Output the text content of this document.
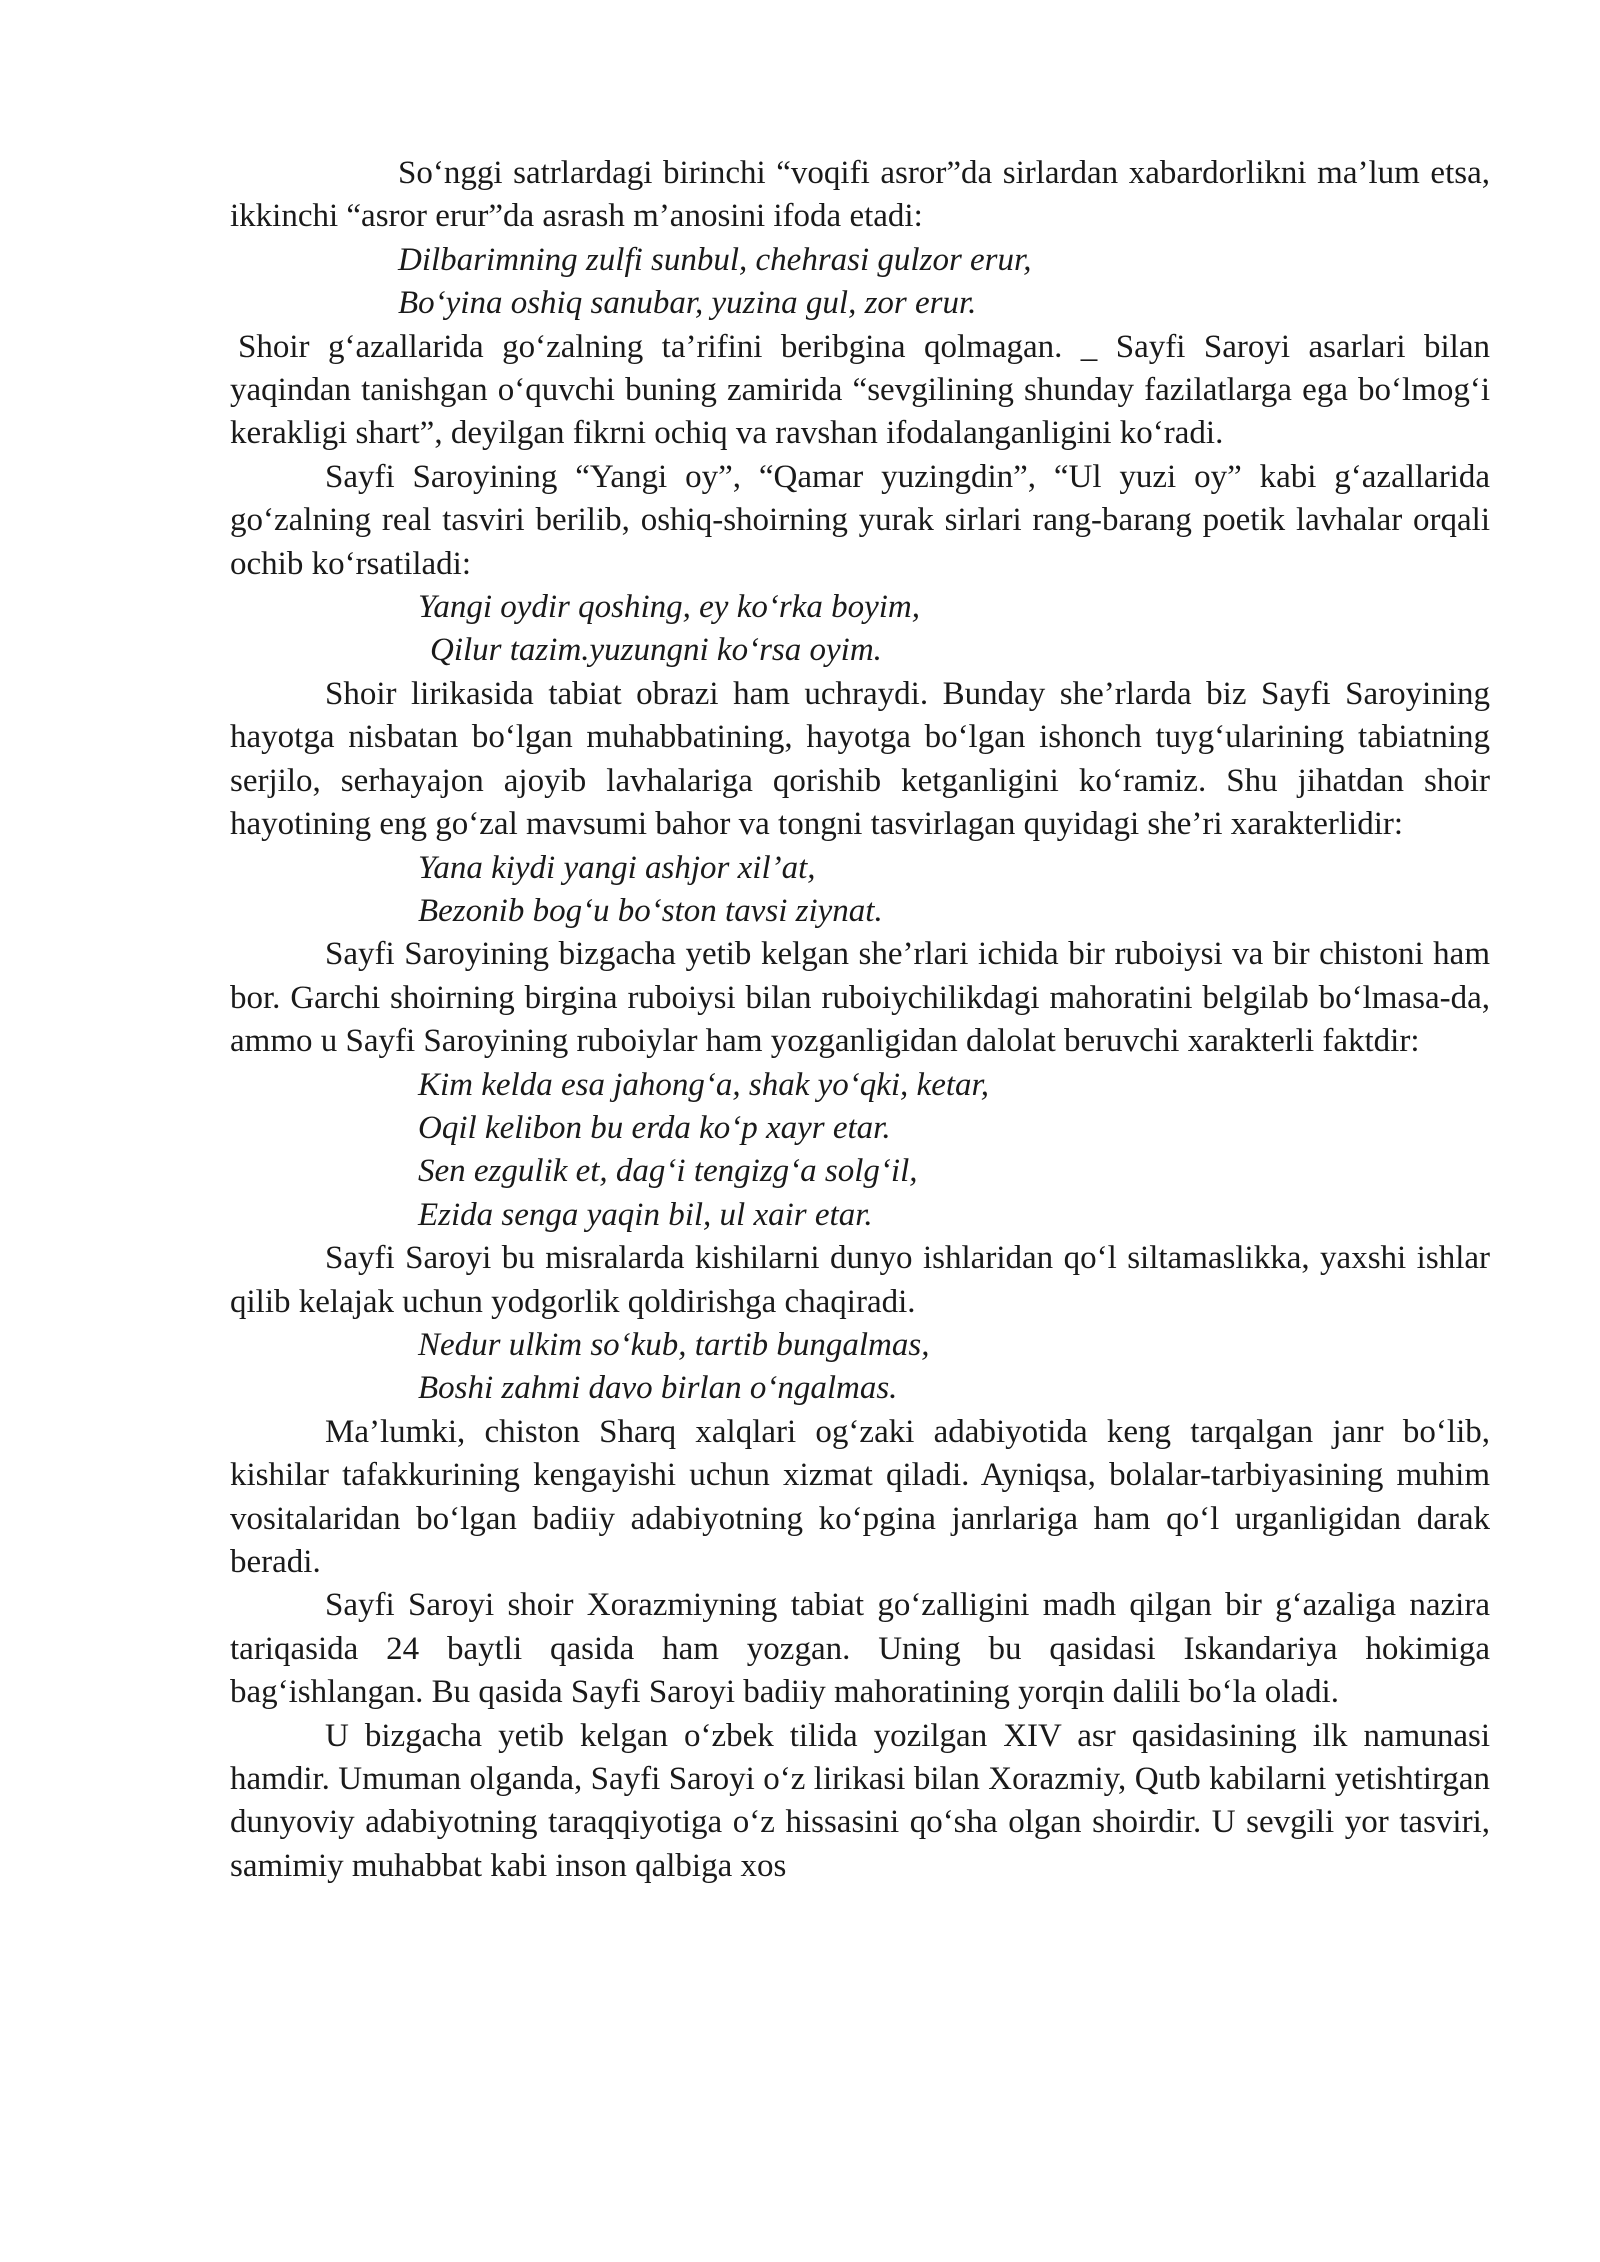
So‘nggi satrlardagi birinchi “voqifi asror”da sirlardan xabardorlikni ma’lum etsa, ikkinchi “asror erur”da asrash m’anosini ifoda etadi:

Dilbarimning zulfi sunbul, chehrasi gulzor erur,

Bo‘yina oshiq sanubar, yuzina gul, zor erur.

Shoir g‘azallarida go‘zalning ta’rifini beribgina qolmagan. _ Sayfi Saroyi asarlari bilan yaqindan tanishgan o‘quvchi buning zamirida “sevgilining shunday fazilatlarga ega bo‘lmog‘i kerakligi shart”, deyilgan fikrni ochiq va ravshan ifodalanganligini ko‘radi.

Sayfi Saroyining “Yangi oy”, “Qamar yuzingdin”, “Ul yuzi oy” kabi g‘azallarida go‘zalning real tasviri berilib, oshiq-shoirning yurak sirlari rang-barang poetik lavhalar orqali ochib ko‘rsatiladi:

Yangi oydir qoshing, ey ko‘rka boyim,

Qilur tazim.yuzungni ko‘rsa oyim.

Shoir lirikasida tabiat obrazi ham uchraydi. Bunday she’rlarda biz Sayfi Saroyining hayotga nisbatan bo‘lgan muhabbatining, hayotga bo‘lgan ishonch tuyg‘ularining tabiatning serjilo, serhayajon ajoyib lavhalariga qorishib ketganligini ko‘ramiz. Shu jihatdan shoir hayotining eng go‘zal mavsumi bahor va tongni tasvirlagan quyidagi she’ri xarakterlidir:

Yana kiydi yangi ashjor xil’at,

Bezonib bog‘u bo‘ston tavsi ziynat.

Sayfi Saroyining bizgacha yetib kelgan she’rlari ichida bir ruboiysi va bir chistoni ham bor. Garchi shoirning birgina ruboiysi bilan ruboiychilikdagi mahoratini belgilab bo‘lmasa-da, ammo u Sayfi Saroyining ruboiylar ham yozganligidan dalolat beruvchi xarakterli faktdir:

Kim kelda esa jahong‘a, shak yo‘qki, ketar,

Oqil kelibon bu erda ko‘p xayr etar.

Sen ezgulik et, dag‘i tengizg‘a solg‘il,

Ezida senga yaqin bil, ul xair etar.

Sayfi Saroyi bu misralarda kishilarni dunyo ishlaridan qo‘l siltamaslikka, yaxshi ishlar qilib kelajak uchun yodgorlik qoldirishga chaqiradi.

Nedur ulkim so‘kub, tartib bungalmas,

Boshi zahmi davo birlan o‘ngalmas.

Ma’lumki, chiston Sharq xalqlari og‘zaki adabiyotida keng tarqalgan janr bo‘lib, kishilar tafakkurining kengayishi uchun xizmat qiladi. Ayniqsa, bolalar-tarbiyasining muhim vositalaridan bo‘lgan badiiy adabiyotning ko‘pgina janrlariga ham qo‘l urganligidan darak beradi.

Sayfi Saroyi shoir Xorazmiyning tabiat go‘zalligini madh qilgan bir g‘azaliga nazira tariqasida 24 baytli qasida ham yozgan. Uning bu qasidasi Iskandariya hokimiga bag‘ishlangan. Bu qasida Sayfi Saroyi badiiy mahoratining yorqin dalili bo‘la oladi.

U bizgacha yetib kelgan o‘zbek tilida yozilgan XIV asr qasidasining ilk namunasi hamdir. Umuman olganda, Sayfi Saroyi o‘z lirikasi bilan Xorazmiy, Qutb kabilarni yetishtirgan dunyoviy adabiyotning taraqqiyotiga o‘z hissasini qo‘sha olgan shoirdir. U sevgili yor tasviri, samimiy muhabbat kabi inson qalbiga xos
